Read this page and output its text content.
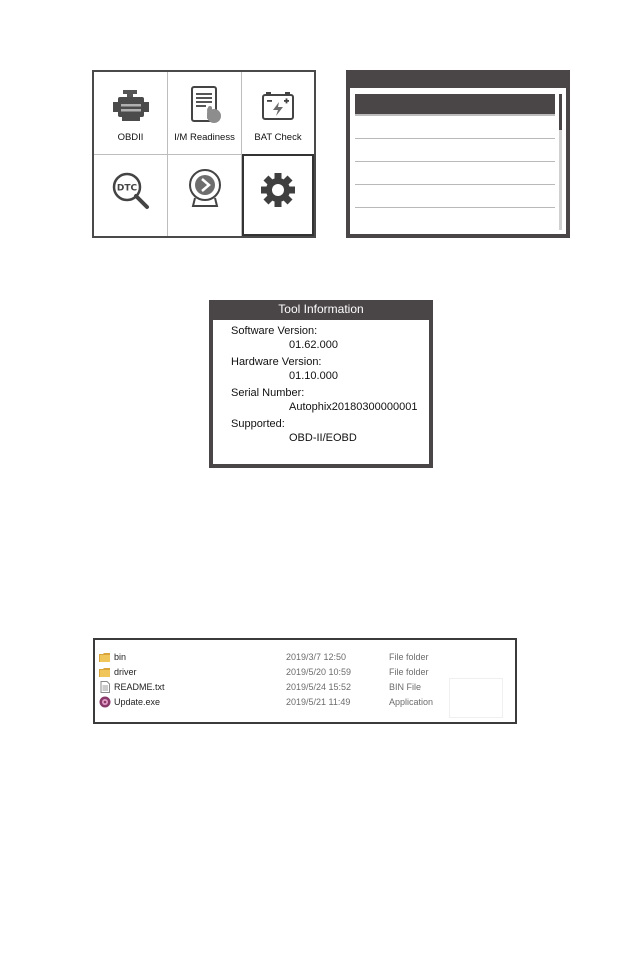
OBDII	I/M Readiness BAT Check
DTC
Tool Information
Software Version:
01.62.000
Hardware Version:
01.10.000
Serial Number:
Autophix20180300000001
Supported:
OBD-II/EOBD
bin	2019/3/7 12:50	File folder
driver	2019/5/20 10:59	File folder
README.txt	2019/5/24 15:52	BIN File
Update.exe	2019/5/21 11:49	Application
